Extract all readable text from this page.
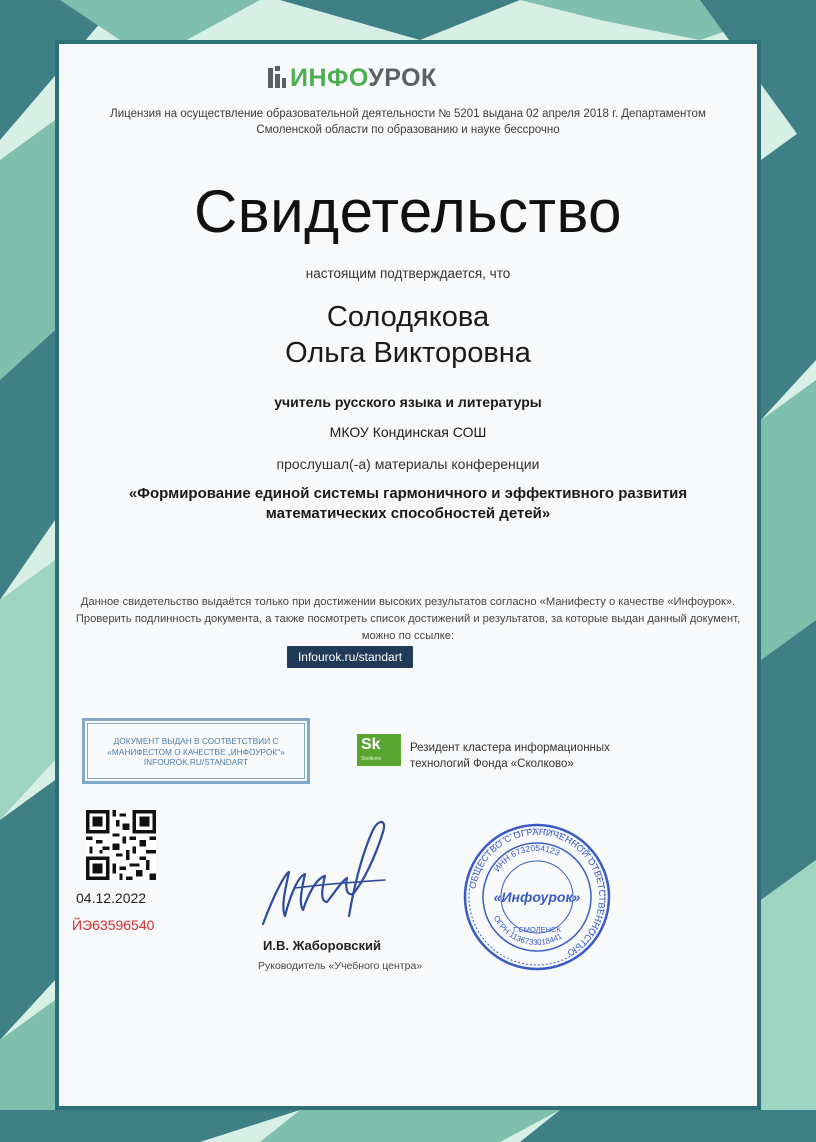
ИНФОУРОК
Лицензия на осуществление образовательной деятельности № 5201 выдана 02 апреля 2018 г. Департаментом Смоленской области по образованию и науке бессрочно
Свидетельство
настоящим подтверждается, что
Солодякова
Ольга Викторовна
учитель русского языка и литературы
МКОУ Кондинская СОШ
прослушал(-а) материалы конференции
«Формирование единой системы гармоничного и эффективного развития математических способностей детей»
Данное свидетельство выдаётся только при достижении высоких результатов согласно «Манифесту о качестве «Инфоурок». Проверить подлинность документа, а также посмотреть список достижений и результатов, за которые выдан данный документ, можно по ссылке:
Infourok.ru/standart
ДОКУМЕНТ ВЫДАН В СООТВЕТСТВИИ С
«МАНИФЕСТОМ О КАЧЕСТВЕ „ИНФОУРОК"»
INFOUROK.RU/STANDART
Sk
Skolkovo
Резидент кластера информационных
технологий Фонда «Сколково»
04.12.2022
ЙЭ63596540
И.В. Жаборовский
Руководитель «Учебного центра»
ОБЩЕСТВО С ОГРАНИЧЕННОЙ ОТВЕТСТВЕННОСТЬЮ
ИНН 6732054123
ОГРН 1136733018441
Г.СМОЛЕНСК
«Инфоурок»
